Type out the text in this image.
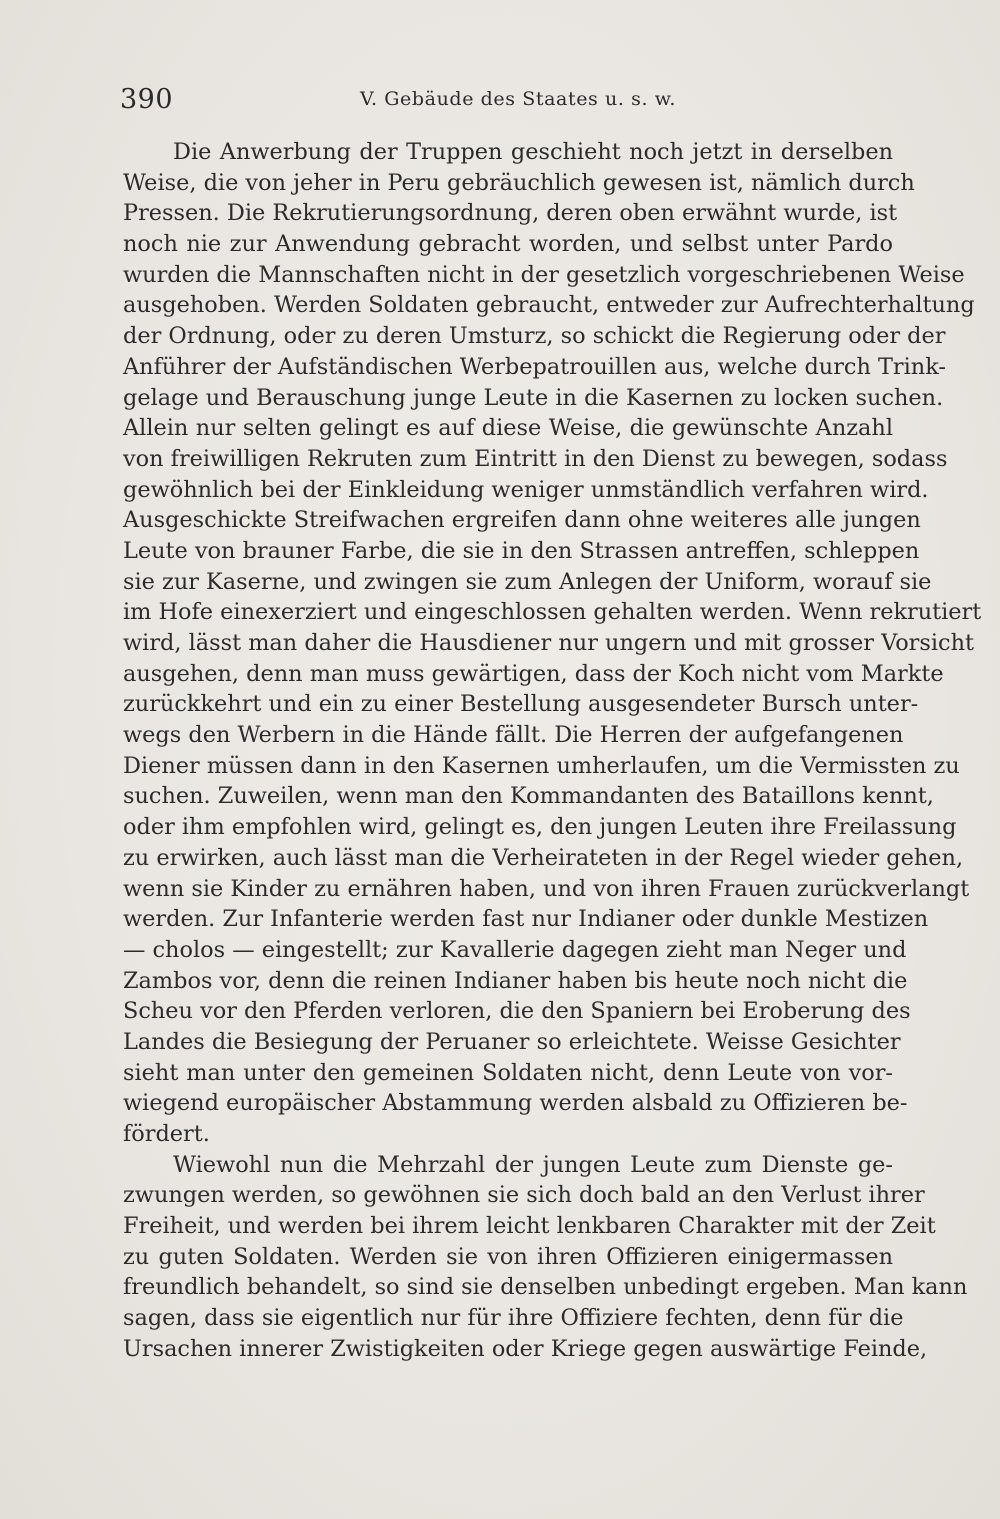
390	V. Gebäude des Staates u. s. w.
Die Anwerbung der Truppen geschieht noch jetzt in derselben
Weise, die von jeher in Peru gebräuchlich gewesen ist, nämlich durch
Pressen. Die Rekrutierungsordnung, deren oben erwähnt wurde, ist
noch nie zur Anwendung gebracht worden, und selbst unter Pardo
wurden die Mannschaften nicht in der gesetzlich vorgeschriebenen Weise
ausgehoben. Werden Soldaten gebraucht, entweder zur Aufrechterhaltung
der Ordnung, oder zu deren Umsturz, so schickt die Regierung oder der
Anführer der Aufständischen Werbepatrouillen aus, welche durch Trink-
gelage und Berauschung junge Leute in die Kasernen zu locken suchen.
Allein nur selten gelingt es auf diese Weise, die gewünschte Anzahl
von freiwilligen Rekruten zum Eintritt in den Dienst zu bewegen, sodass
gewöhnlich bei der Einkleidung weniger unmständlich verfahren wird.
Ausgeschickte Streifwachen ergreifen dann ohne weiteres alle jungen
Leute von brauner Farbe, die sie in den Strassen antreffen, schleppen
sie zur Kaserne, und zwingen sie zum Anlegen der Uniform, worauf sie
im Hofe einexerziert und eingeschlossen gehalten werden. Wenn rekrutiert
wird, lässt man daher die Hausdiener nur ungern und mit grosser Vorsicht
ausgehen, denn man muss gewärtigen, dass der Koch nicht vom Markte
zurückkehrt und ein zu einer Bestellung ausgesendeter Bursch unter-
wegs den Werbern in die Hände fällt. Die Herren der aufgefangenen
Diener müssen dann in den Kasernen umherlaufen, um die Vermissten zu
suchen. Zuweilen, wenn man den Kommandanten des Bataillons kennt,
oder ihm empfohlen wird, gelingt es, den jungen Leuten ihre Freilassung
zu erwirken, auch lässt man die Verheirateten in der Regel wieder gehen,
wenn sie Kinder zu ernähren haben, und von ihren Frauen zurückverlangt
werden. Zur Infanterie werden fast nur Indianer oder dunkle Mestizen
— cholos — eingestellt; zur Kavallerie dagegen zieht man Neger und
Zambos vor, denn die reinen Indianer haben bis heute noch nicht die
Scheu vor den Pferden verloren, die den Spaniern bei Eroberung des
Landes die Besiegung der Peruaner so erleichtete. Weisse Gesichter
sieht man unter den gemeinen Soldaten nicht, denn Leute von vor-
wiegend europäischer Abstammung werden alsbald zu Offizieren be-
fördert.
Wiewohl nun die Mehrzahl der jungen Leute zum Dienste ge-
zwungen werden, so gewöhnen sie sich doch bald an den Verlust ihrer
Freiheit, und werden bei ihrem leicht lenkbaren Charakter mit der Zeit
zu guten Soldaten. Werden sie von ihren Offizieren einigermassen
freundlich behandelt, so sind sie denselben unbedingt ergeben. Man kann
sagen, dass sie eigentlich nur für ihre Offiziere fechten, denn für die
Ursachen innerer Zwistigkeiten oder Kriege gegen auswärtige Feinde,
